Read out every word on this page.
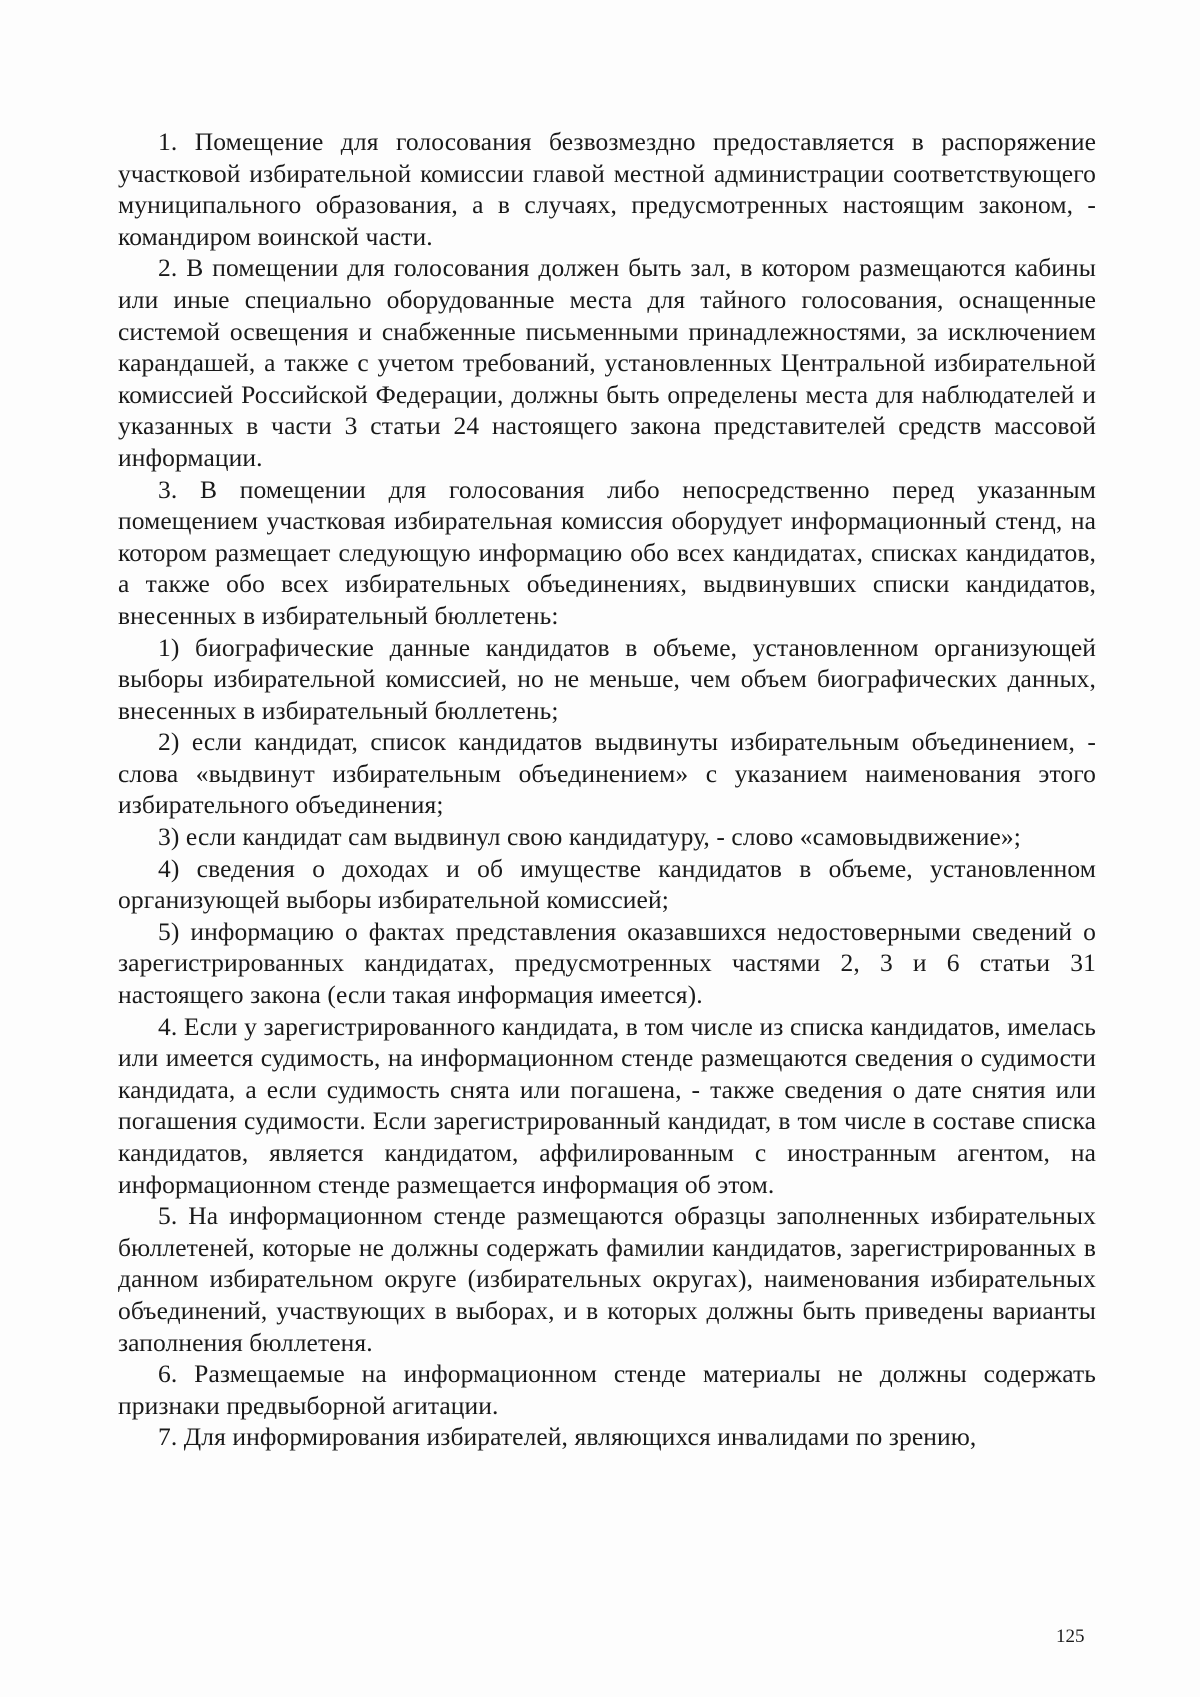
1. Помещение для голосования безвозмездно предоставляется в распоряжение участковой избирательной комиссии главой местной администрации соответствующего муниципального образования, а в случаях, предусмотренных настоящим законом, - командиром воинской части.

2. В помещении для голосования должен быть зал, в котором размещаются кабины или иные специально оборудованные места для тайного голосования, оснащенные системой освещения и снабженные письменными принадлежностями, за исключением карандашей, а также с учетом требований, установленных Центральной избирательной комиссией Российской Федерации, должны быть определены места для наблюдателей и указанных в части 3 статьи 24 настоящего закона представителей средств массовой информации.

3. В помещении для голосования либо непосредственно перед указанным помещением участковая избирательная комиссия оборудует информационный стенд, на котором размещает следующую информацию обо всех кандидатах, списках кандидатов, а также обо всех избирательных объединениях, выдвинувших списки кандидатов, внесенных в избирательный бюллетень:

1) биографические данные кандидатов в объеме, установленном организующей выборы избирательной комиссией, но не меньше, чем объем биографических данных, внесенных в избирательный бюллетень;

2) если кандидат, список кандидатов выдвинуты избирательным объединением, - слова «выдвинут избирательным объединением» с указанием наименования этого избирательного объединения;

3) если кандидат сам выдвинул свою кандидатуру, - слово «самовыдвижение»;

4) сведения о доходах и об имуществе кандидатов в объеме, установленном организующей выборы избирательной комиссией;

5) информацию о фактах представления оказавшихся недостоверными сведений о зарегистрированных кандидатах, предусмотренных частями 2, 3 и 6 статьи 31 настоящего закона (если такая информация имеется).

4. Если у зарегистрированного кандидата, в том числе из списка кандидатов, имелась или имеется судимость, на информационном стенде размещаются сведения о судимости кандидата, а если судимость снята или погашена, - также сведения о дате снятия или погашения судимости. Если зарегистрированный кандидат, в том числе в составе списка кандидатов, является кандидатом, аффилированным с иностранным агентом, на информационном стенде размещается информация об этом.

5. На информационном стенде размещаются образцы заполненных избирательных бюллетеней, которые не должны содержать фамилии кандидатов, зарегистрированных в данном избирательном округе (избирательных округах), наименования избирательных объединений, участвующих в выборах, и в которых должны быть приведены варианты заполнения бюллетеня.

6. Размещаемые на информационном стенде материалы не должны содержать признаки предвыборной агитации.

7. Для информирования избирателей, являющихся инвалидами по зрению,

125
